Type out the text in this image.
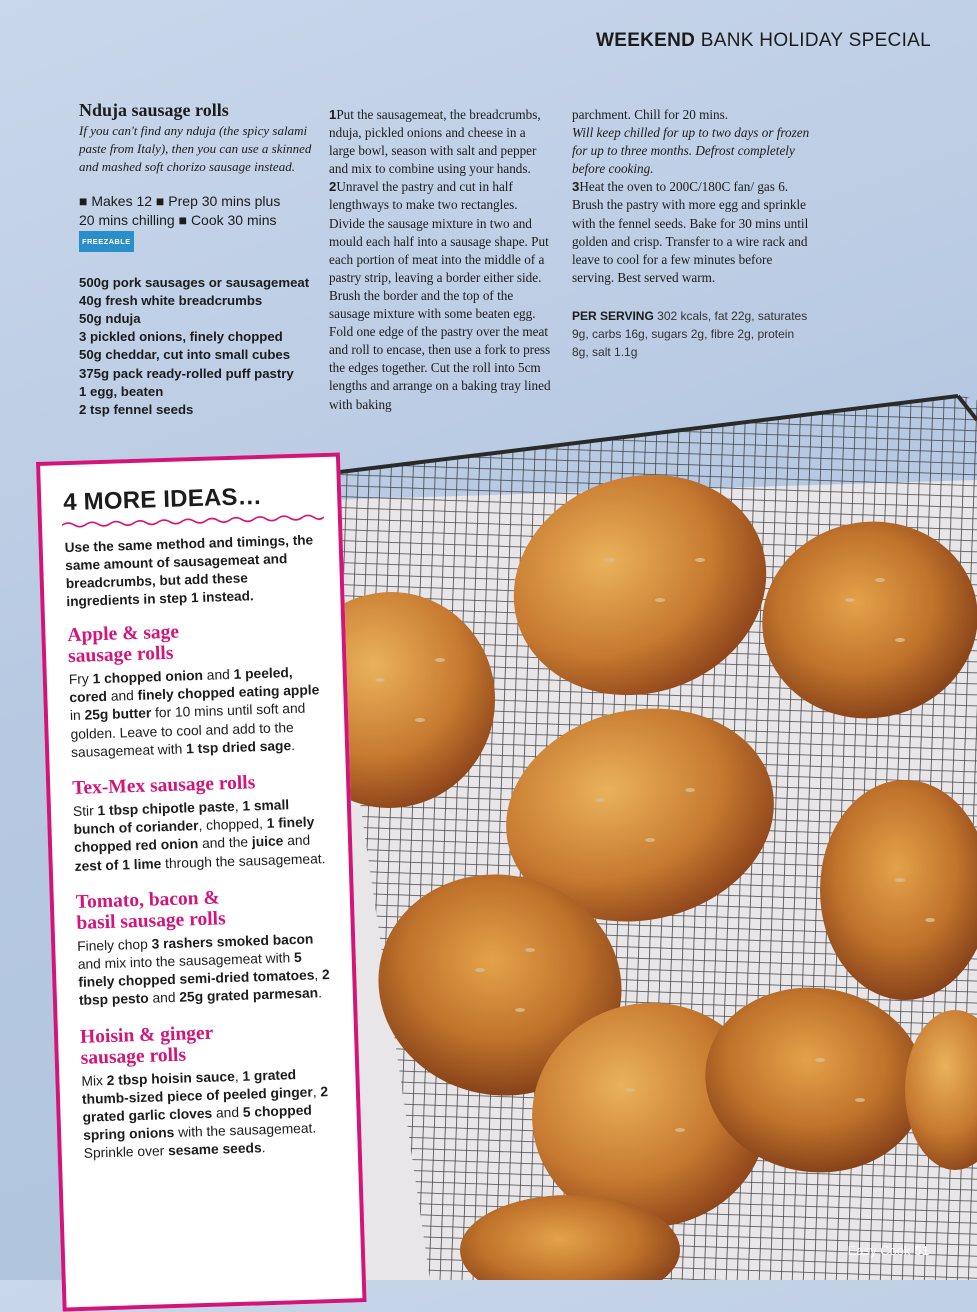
WEEKEND BANK HOLIDAY SPECIAL
Nduja sausage rolls

If you can't find any nduja (the spicy salami paste from Italy), then you can use a skinned and mashed soft chorizo sausage instead.

■ Makes 12 ■ Prep 30 mins plus
20 mins chilling ■ Cook 30 mins
FREEZABLE
500g pork sausages or sausagemeat
40g fresh white breadcrumbs
50g nduja
3 pickled onions, finely chopped
50g cheddar, cut into small cubes
375g pack ready-rolled puff pastry
1 egg, beaten
2 tsp fennel seeds

1Put the sausagemeat, the breadcrumbs, nduja, pickled onions and cheese in a large bowl, season with salt and pepper and mix to combine using your hands.

2Unravel the pastry and cut in half lengthways to make two rectangles. Divide the sausage mixture in two and mould each half into a sausage shape. Put each portion of meat into the middle of a pastry strip, leaving a border either side. Brush the border and the top of the sausage mixture with some beaten egg. Fold one edge of the pastry over the meat and roll to encase, then use a fork to press the edges together. Cut the roll into 5cm lengths and arrange on a baking tray lined with baking

parchment. Chill for 20 mins.

Will keep chilled for up to two days or frozen for up to three months. Defrost completely before cooking.

3Heat the oven to 200C/180C fan/ gas 6. Brush the pastry with more egg and sprinkle with the fennel seeds. Bake for 30 mins until golden and crisp. Transfer to a wire rack and leave to cool for a few minutes before serving. Best served warm.

PER SERVING 302 kcals, fat 22g, saturates 9g, carbs 16g, sugars 2g, fibre 2g, protein 8g, salt 1.1g
4 MORE IDEAS…

Use the same method and timings, the same amount of sausagemeat and breadcrumbs, but add these ingredients in step 1 instead.

Apple & sage
sausage rolls

Fry 1 chopped onion and 1 peeled, cored and finely chopped eating apple in 25g butter for 10 mins until soft and golden. Leave to cool and add to the sausagemeat with 1 tsp dried sage.

Tex-Mex sausage rolls

Stir 1 tbsp chipotle paste, 1 small bunch of coriander, chopped, 1 finely chopped red onion and the juice and zest of 1 lime through the sausagemeat.

Tomato, bacon &
basil sausage rolls

Finely chop 3 rashers smoked bacon and mix into the sausagemeat with 5 finely chopped semi-dried tomatoes, 2 tbsp pesto and 25g grated parmesan.

Hoisin & ginger
sausage rolls

Mix 2 tbsp hoisin sauce, 1 grated thumb-sized piece of peeled ginger, 2 grated garlic cloves and 5 chopped spring onions with the sausagemeat. Sprinkle over sesame seeds.

Easy Cook 51
